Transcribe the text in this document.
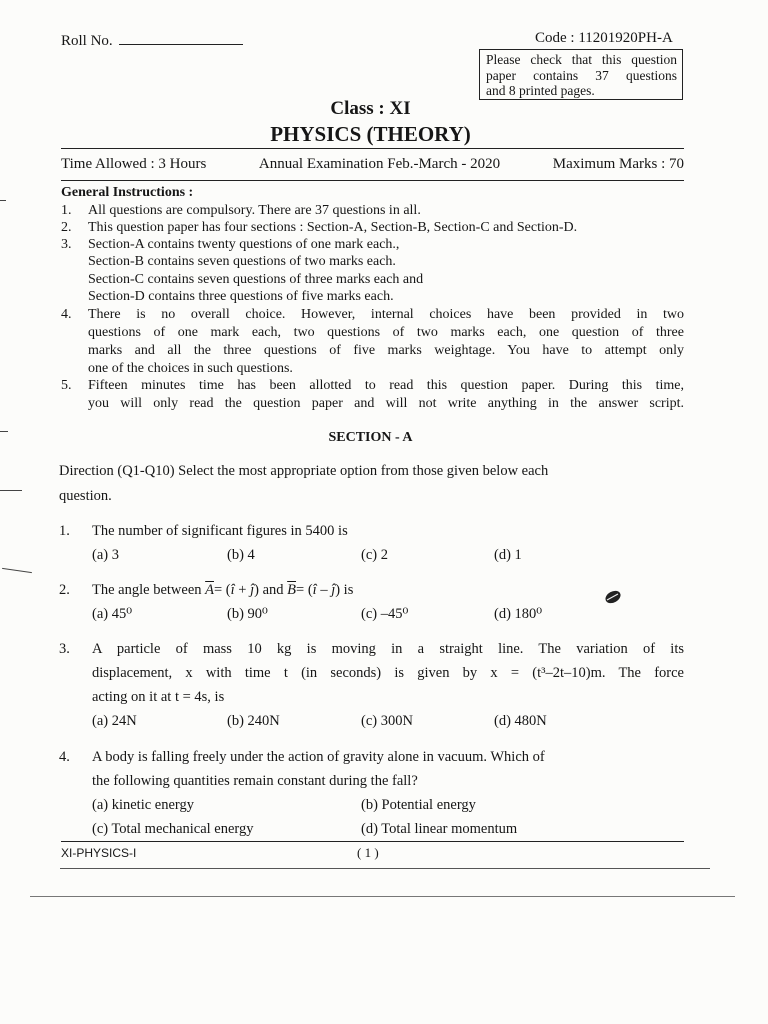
Roll No.	Code : 11201920PH-A
Please check that this question
paper contains 37 questions
and 8 printed pages.
Class : XI
PHYSICS (THEORY)
Time Allowed : 3 Hours	Annual Examination Feb.-March - 2020	Maximum Marks : 70
General Instructions :
1. All questions are compulsory. There are 37 questions in all.
2. This question paper has four sections : Section-A, Section-B, Section-C and Section-D.
3. Section-A contains twenty questions of one mark each.,
Section-B contains seven questions of two marks each.
Section-C contains seven questions of three marks each and
Section-D contains three questions of five marks each.
4. There is no overall choice. However, internal choices have been provided in two
questions of one mark each, two questions of two marks each, one question of three
marks and all the three questions of five marks weightage. You have to attempt only
one of the choices in such questions.
5. Fifteen minutes time has been allotted to read this question paper. During this time,
you will only read the question paper and will not write anything in the answer script.
SECTION - A
Direction (Q1-Q10) Select the most appropriate option from those given below each
question.
1. The number of significant figures in 5400 is
(a) 3	(b) 4	(c) 2	(d) 1
2. The angle between $\overline{A}=$ (î + ĵ) and $\overline{B}=$ (î – ĵ) is
(a) 45⁰	(b) 90⁰	(c) –45⁰	(d) 180⁰
3. A particle of mass 10 kg is moving in a straight line. The variation of its
displacement, x with time t (in seconds) is given by x = (t³–2t–10)m. The force
acting on it at t = 4s, is
(a) 24N	(b) 240N	(c) 300N	(d) 480N
4. A body is falling freely under the action of gravity alone in vacuum. Which of
the following quantities remain constant during the fall?
(a) kinetic energy	(b) Potential energy
(c) Total mechanical energy	(d) Total linear momentum
XI-PHYSICS-I	( 1 )
